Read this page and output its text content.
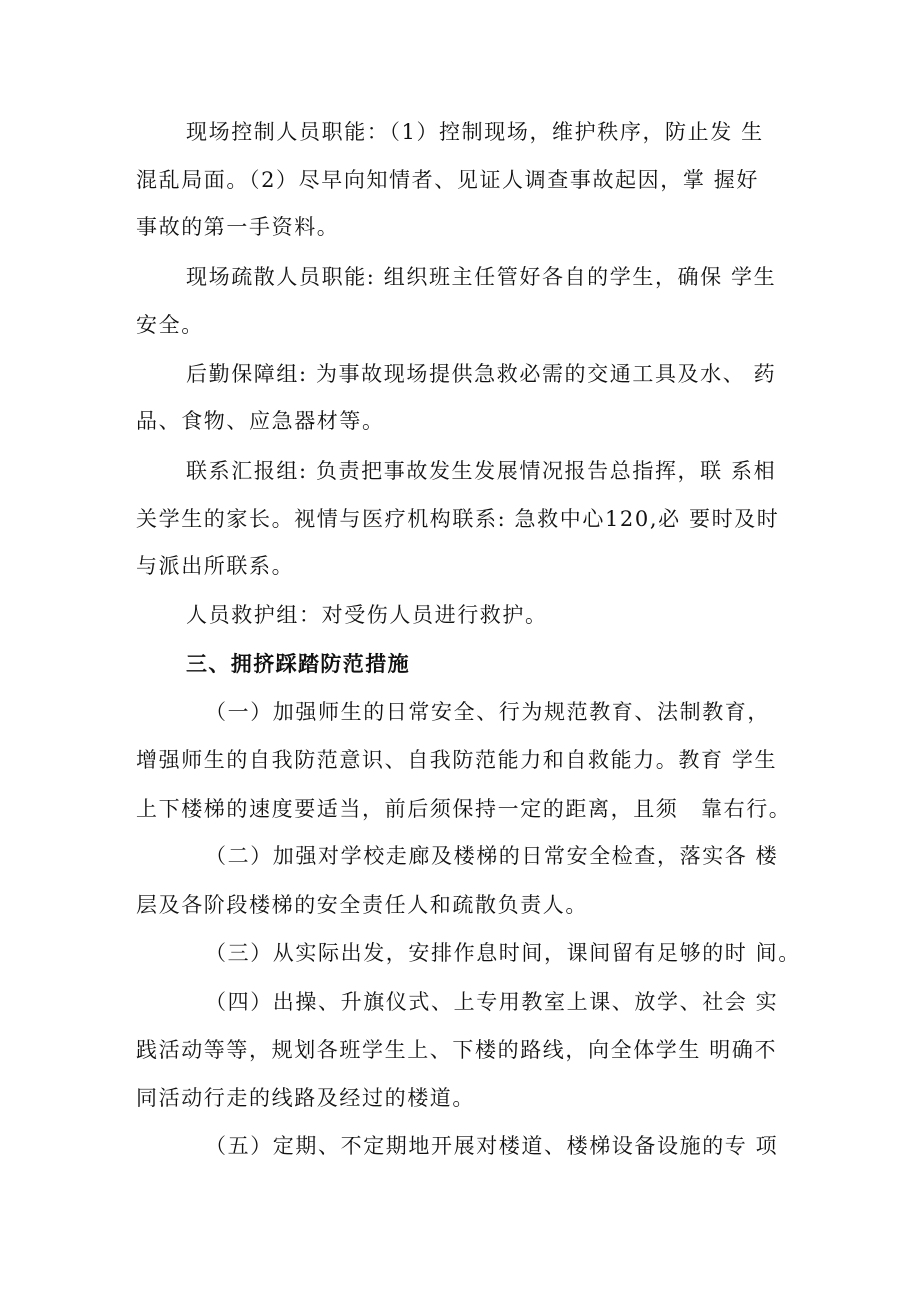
现场控制人员职能：（1）控制现场，维护秩序，防止发 生
混乱局面。（2）尽早向知情者、见证人调查事故起因，掌 握好
事故的第一手资料。
现场疏散人员职能: 组织班主任管好各自的学生，确保 学生
安全。
后勤保障组: 为事故现场提供急救必需的交通工具及水、 药
品、食物、应急器材等。
联系汇报组: 负责把事故发生发展情况报告总指挥，联 系相
关学生的家长。视情与医疗机构联系: 急救中心120,必 要时及时
与派出所联系。
人员救护组：对受伤人员进行救护。
三、拥挤踩踏防范措施
（一）加强师生的日常安全、行为规范教育、法制教育，
增强师生的自我防范意识、自我防范能力和自救能力。教育 学生
上下楼梯的速度要适当，前后须保持一定的距离，且须　靠右行。
（二）加强对学校走廊及楼梯的日常安全检查，落实各 楼
层及各阶段楼梯的安全责任人和疏散负责人。
（三）从实际出发，安排作息时间，课间留有足够的时 间。
（四）出操、升旗仪式、上专用教室上课、放学、社会 实
践活动等等，规划各班学生上、下楼的路线，向全体学生 明确不
同活动行走的线路及经过的楼道。
（五）定期、不定期地开展对楼道、楼梯设备设施的专 项
